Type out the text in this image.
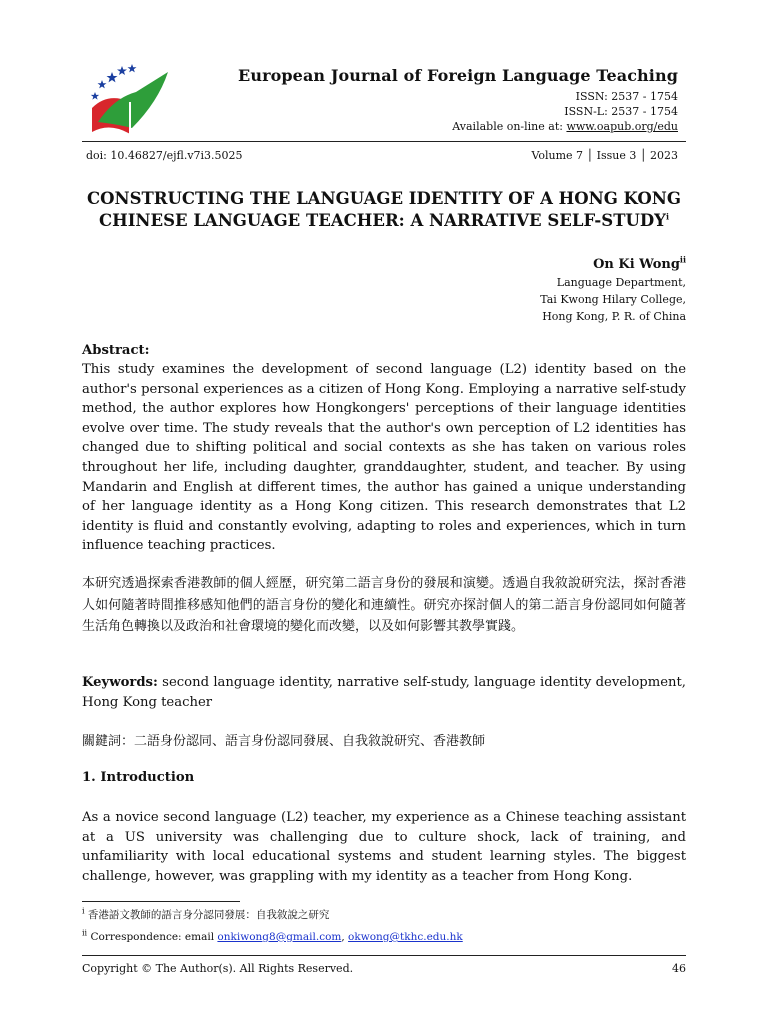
European Journal of Foreign Language Teaching
ISSN: 2537 - 1754
ISSN-L: 2537 - 1754
Available on-line at: www.oapub.org/edu
doi: 10.46827/ejfl.v7i3.5025	Volume 7 │ Issue 3 │ 2023
CONSTRUCTING THE LANGUAGE IDENTITY OF A HONG KONG
CHINESE LANGUAGE TEACHER: A NARRATIVE SELF-STUDY$^i$
On Ki Wong$^{ii}$
Language Department,
Tai Kwong Hilary College,
Hong Kong, P. R. of China
Abstract:
This study examines the development of second language (L2) identity based on the author's personal experiences as a citizen of Hong Kong. Employing a narrative self-study method, the author explores how Hongkongers' perceptions of their language identities evolve over time. The study reveals that the author's own perception of L2 identities has changed due to shifting political and social contexts as she has taken on various roles throughout her life, including daughter, granddaughter, student, and teacher. By using Mandarin and English at different times, the author has gained a unique understanding of her language identity as a Hong Kong citizen. This research demonstrates that L2 identity is fluid and constantly evolving, adapting to roles and experiences, which in turn influence teaching practices.
本研究透過探索香港教師的個人經歷，研究第二語言身份的發展和演變。透過自我敘說研究法，探討香港人如何隨著時間推移感知他們的語言身份的變化和連續性。研究亦探討個人的第二語言身份認同如何隨著生活角色轉換以及政治和社會環境的變化而改變，以及如何影響其教學實踐。
Keywords: second language identity, narrative self-study, language identity development, Hong Kong teacher
關鍵詞：二語身份認同、語言身份認同發展、自我敘說研究、香港教師
1. Introduction
As a novice second language (L2) teacher, my experience as a Chinese teaching assistant at a US university was challenging due to culture shock, lack of training, and unfamiliarity with local educational systems and student learning styles. The biggest challenge, however, was grappling with my identity as a teacher from Hong Kong.
$^i$ 香港語文教師的語言身分認同發展：自我敘說之研究
$^{ii}$ Correspondence: email onkiwong8@gmail.com, okwong@tkhc.edu.hk
Copyright © The Author(s). All Rights Reserved.	46
